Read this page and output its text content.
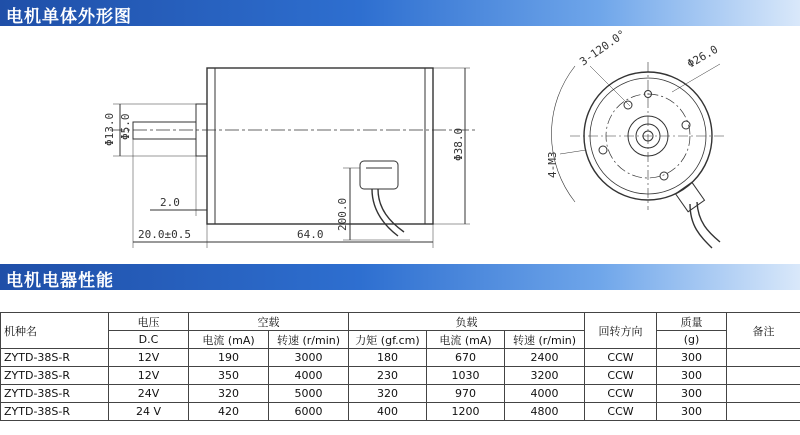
电机单体外形图
Φ13.0 Φ5.0
Φ38.0
2.0
20.0±0.5	64.0
200.0
3-120.0°	Φ26.0
4-M3
电机电器性能
机种名	电压	空载		负载			回转方向	质量	备注
	D.C	电流 (mA)	转速 (r/min)	力矩 (gf.cm)	电流 (mA)	转速 (r/min)		(g)	
ZYTD-38S-R	12V	190	3000	180	670	2400	CCW	300	
ZYTD-38S-R	12V	350	4000	230	1030	3200	CCW	300	
ZYTD-38S-R	24V	320	5000	320	970	4000	CCW	300	
ZYTD-38S-R	24 V	420	6000	400	1200	4800	CCW	300	
